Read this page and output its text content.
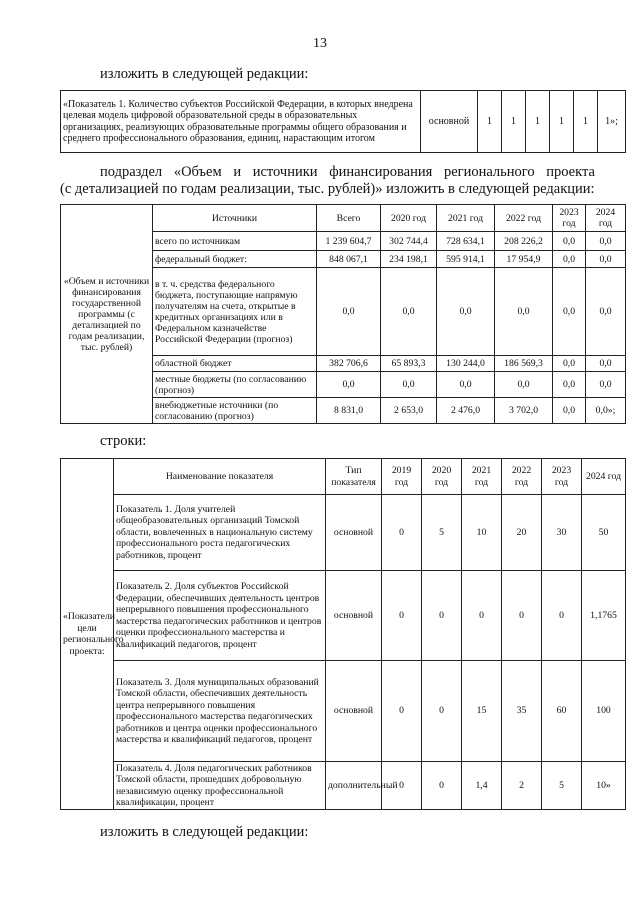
13
изложить в следующей редакции:
«Показатель 1. Количество субъектов Российской Федерации, в которых внедрена целевая модель цифровой образовательной среды в образовательных организациях, реализующих образовательные программы общего образования и среднего профессионального образования, единиц, нарастающим итогом	основной	1	1	1	1	1	1»;
подраздел «Объем и источники финансирования регионального проекта
(с детализацией по годам реализации, тыс. рублей)» изложить в следующей редакции:
«Объем и источники финансирования государственной программы (с детализацией по годам реализации, тыс. рублей)	Источники	Всего	2020 год	2021 год	2022 год	2023 год	2024 год
	всего по источникам	1 239 604,7	302 744,4	728 634,1	208 226,2	0,0	0,0
	федеральный бюджет:	848 067,1	234 198,1	595 914,1	17 954,9	0,0	0,0
	в т. ч. средства федерального бюджета, поступающие напрямую получателям на счета, открытые в кредитных организациях или в Федеральном казначействе Российской Федерации (прогноз)	0,0	0,0	0,0	0,0	0,0	0,0
	областной бюджет	382 706,6	65 893,3	130 244,0	186 569,3	0,0	0,0
	местные бюджеты (по согласованию (прогноз)	0,0	0,0	0,0	0,0	0,0	0,0
	внебюджетные источники (по согласованию (прогноз)	8 831,0	2 653,0	2 476,0	3 702,0	0,0	0,0»;
строки:
«Показатели цели регионального проекта:	Наименование показателя	Тип показателя	2019 год	2020 год	2021 год	2022 год	2023 год	2024 год
	Показатель 1. Доля учителей общеобразовательных организаций Томской области, вовлеченных в национальную систему профессионального роста педагогических работников, процент	основной	0	5	10	20	30	50
	Показатель 2. Доля субъектов Российской Федерации, обеспечивших деятельность центров непрерывного повышения профессионального мастерства педагогических работников и центров оценки профессионального мастерства и квалификаций педагогов, процент	основной	0	0	0	0	0	1,1765
	Показатель 3. Доля муниципальных образований Томской области, обеспечивших деятельность центра непрерывного повышения профессионального мастерства педагогических работников и центра оценки профессионального мастерства и квалификаций педагогов, процент	основной	0	0	15	35	60	100
	Показатель 4. Доля педагогических работников Томской области, прошедших добровольную независимую оценку профессиональной квалификации, процент	дополнительный	0	0	1,4	2	5	10»
изложить в следующей редакции:
